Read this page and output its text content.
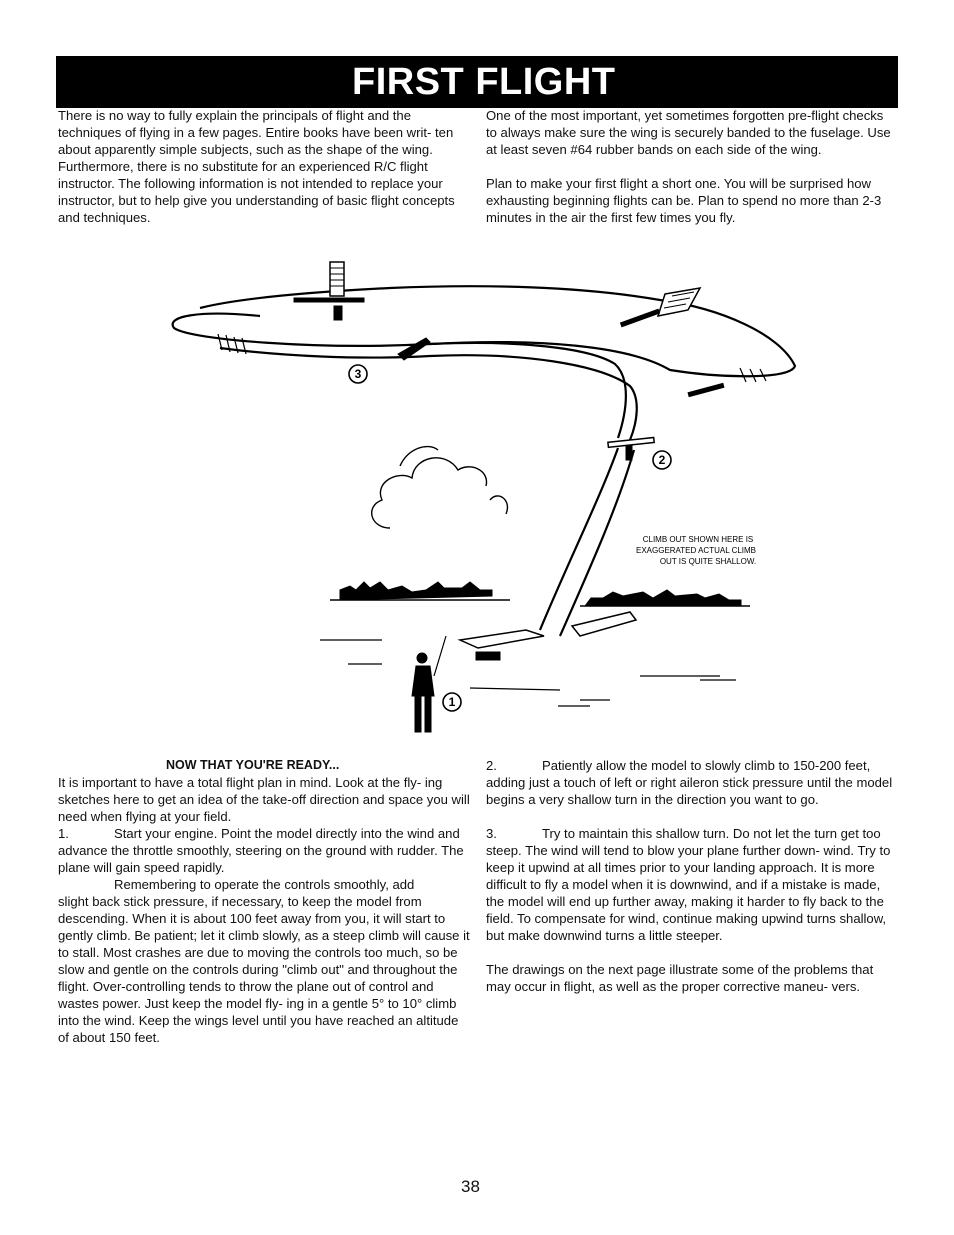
FIRST FLIGHT

There is no way to fully explain the principals of flight and the techniques of flying in a few pages. Entire books have been writ- ten about apparently simple subjects, such as the shape of the wing. Furthermore, there is no substitute for an experienced R/C flight instructor. The following information is not intended to replace your instructor, but to help give you understanding of basic flight concepts and techniques.

One of the most important, yet sometimes forgotten pre-flight checks to always make sure the wing is securely banded to the fuselage. Use at least seven #64 rubber bands on each side of the wing.

Plan to make your first flight a short one. You will be surprised how exhausting beginning flights can be. Plan to spend no more than 2-3 minutes in the air the first few times you fly.

3
2
1
CLIMB OUT SHOWN HERE IS
EXAGGERATED ACTUAL CLIMB
OUT IS QUITE SHALLOW.

NOW THAT YOU'RE READY...

It is important to have a total flight plan in mind. Look at the fly- ing sketches here to get an idea of the take-off direction and space you will need when flying at your field.

1.	Start your engine. Point the model directly into the wind and advance the throttle smoothly, steering on the ground with rudder. The plane will gain speed rapidly.

Remembering to operate the controls smoothly, add

slight back stick pressure, if necessary, to keep the model from descending. When it is about 100 feet away from you, it will start to gently climb. Be patient; let it climb slowly, as a steep climb will cause it to stall. Most crashes are due to moving the controls too much, so be slow and gentle on the controls during "climb out" and throughout the flight. Over-controlling tends to throw the plane out of control and wastes power. Just keep the model fly- ing in a gentle 5° to 10° climb into the wind. Keep the wings level until you have reached an altitude of about 150 feet.

2.	Patiently allow the model to slowly climb to 150-200 feet, adding just a touch of left or right aileron stick pressure until the model begins a very shallow turn in the direction you want to go.

3.	Try to maintain this shallow turn. Do not let the turn get too steep. The wind will tend to blow your plane further down- wind. Try to keep it upwind at all times prior to your landing approach. It is more difficult to fly a model when it is downwind, and if a mistake is made, the model will end up further away, making it harder to fly back to the field. To compensate for wind, continue making upwind turns shallow, but make downwind turns a little steeper.

The drawings on the next page illustrate some of the problems that may occur in flight, as well as the proper corrective maneu- vers.

38
